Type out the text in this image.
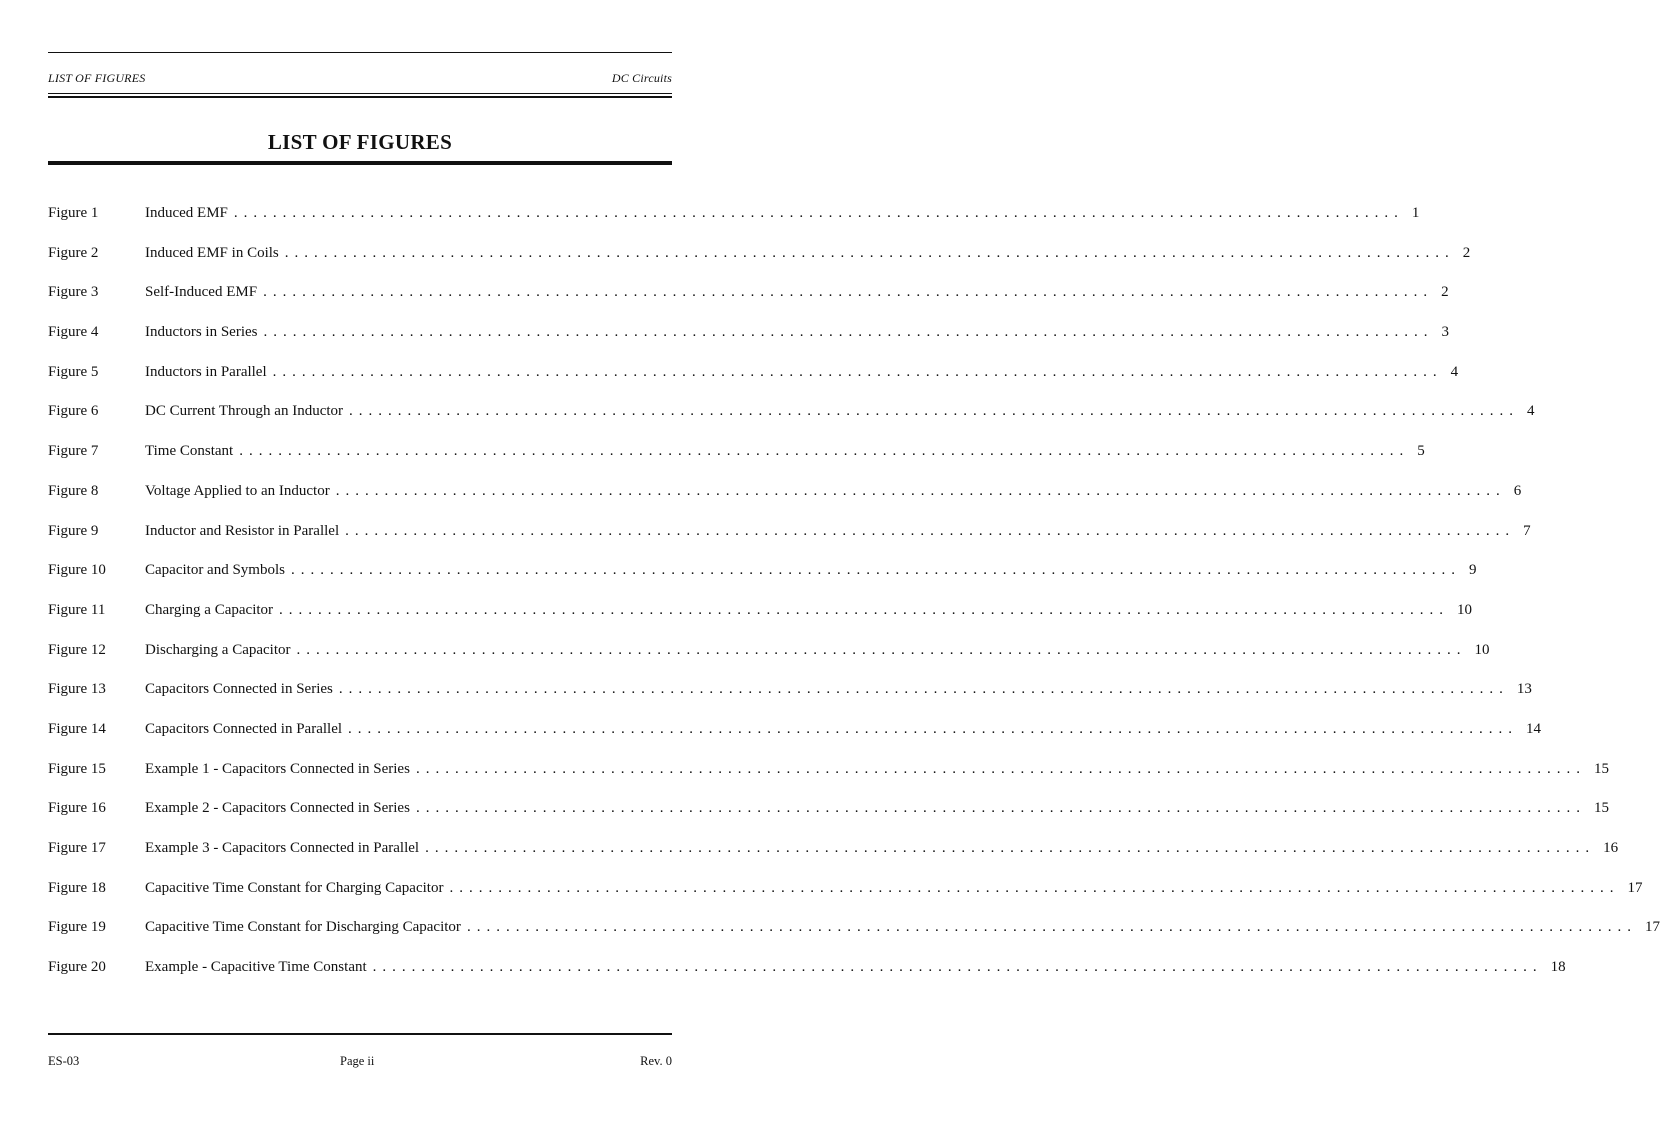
LIST OF FIGURES	DC Circuits
LIST OF FIGURES
Figure 1	Induced EMF ........................................................................................................................ 1
Figure 2	Induced EMF in Coils ........................................................................................................................ 2
Figure 3	Self-Induced EMF ........................................................................................................................ 2
Figure 4	Inductors in Series ........................................................................................................................ 3
Figure 5	Inductors in Parallel ........................................................................................................................ 4
Figure 6	DC Current Through an Inductor ........................................................................................................................ 4
Figure 7	Time Constant ........................................................................................................................ 5
Figure 8	Voltage Applied to an Inductor ........................................................................................................................ 6
Figure 9	Inductor and Resistor in Parallel ........................................................................................................................ 7
Figure 10	Capacitor and Symbols ........................................................................................................................ 9
Figure 11	Charging a Capacitor ........................................................................................................................ 10
Figure 12	Discharging a Capacitor ........................................................................................................................ 10
Figure 13	Capacitors Connected in Series ........................................................................................................................ 13
Figure 14	Capacitors Connected in Parallel ........................................................................................................................ 14
Figure 15	Example 1 - Capacitors Connected in Series ........................................................................................................................ 15
Figure 16	Example 2 - Capacitors Connected in Series ........................................................................................................................ 15
Figure 17	Example 3 - Capacitors Connected in Parallel ........................................................................................................................ 16
Figure 18	Capacitive Time Constant for Charging Capacitor ........................................................................................................................ 17
Figure 19	Capacitive Time Constant for Discharging Capacitor ........................................................................................................................ 17
Figure 20	Example - Capacitive Time Constant ........................................................................................................................ 18
ES-03	Page ii	Rev. 0
